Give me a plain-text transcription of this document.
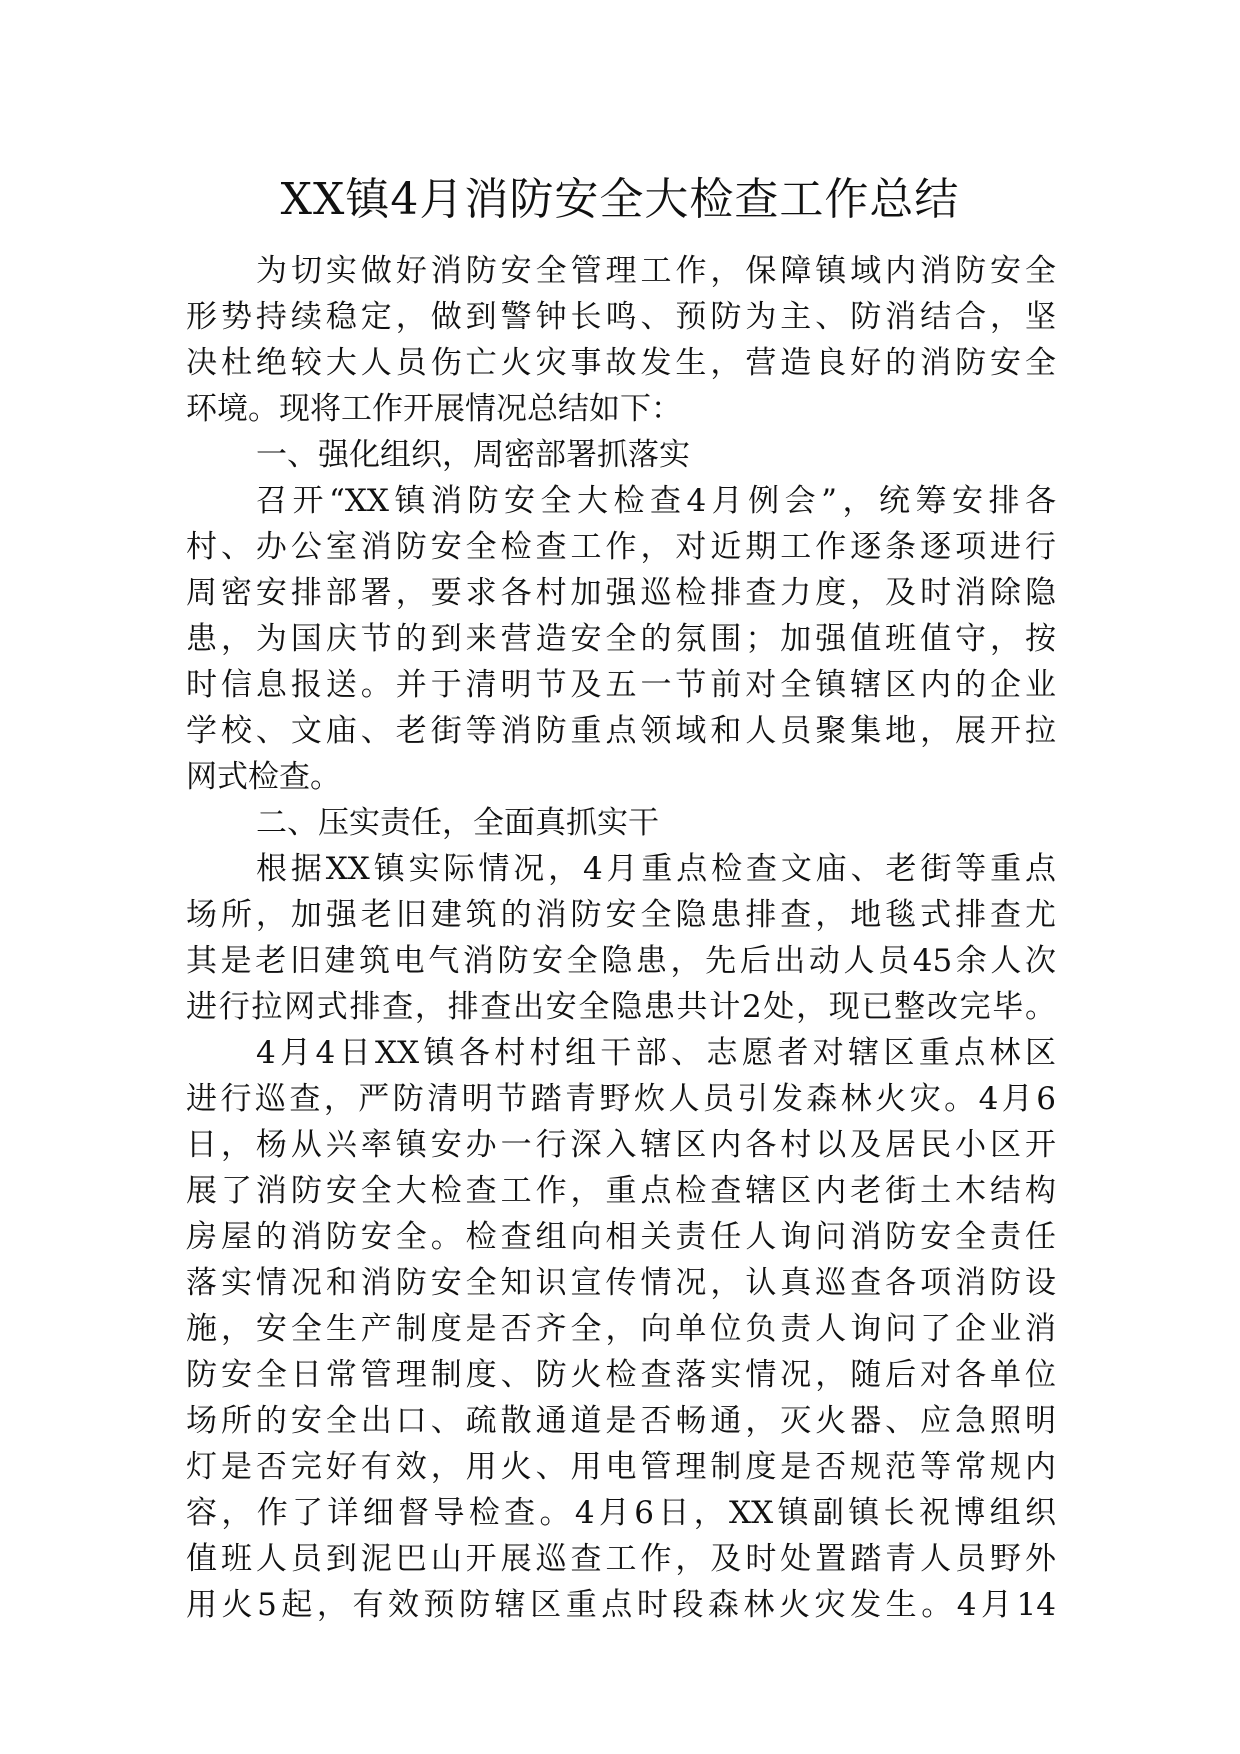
XX镇4月消防安全大检查工作总结
为切实做好消防安全管理工作，保障镇域内消防安全
形势持续稳定，做到警钟长鸣、预防为主、防消结合，坚
决杜绝较大人员伤亡火灾事故发生，营造良好的消防安全
环境。现将工作开展情况总结如下：
一、强化组织，周密部署抓落实
召开“XX镇消防安全大检查4月例会”，统筹安排各
村、办公室消防安全检查工作，对近期工作逐条逐项进行
周密安排部署，要求各村加强巡检排查力度，及时消除隐
患，为国庆节的到来营造安全的氛围；加强值班值守，按
时信息报送。并于清明节及五一节前对全镇辖区内的企业
学校、文庙、老街等消防重点领域和人员聚集地，展开拉
网式检查。
二、压实责任，全面真抓实干
根据XX镇实际情况，4月重点检查文庙、老街等重点
场所，加强老旧建筑的消防安全隐患排查，地毯式排查尤
其是老旧建筑电气消防安全隐患，先后出动人员45余人次
进行拉网式排查，排查出安全隐患共计2处，现已整改完毕。
4月4日XX镇各村村组干部、志愿者对辖区重点林区
进行巡查，严防清明节踏青野炊人员引发森林火灾。4月6
日，杨从兴率镇安办一行深入辖区内各村以及居民小区开
展了消防安全大检查工作，重点检查辖区内老街土木结构
房屋的消防安全。检查组向相关责任人询问消防安全责任
落实情况和消防安全知识宣传情况，认真巡查各项消防设
施，安全生产制度是否齐全，向单位负责人询问了企业消
防安全日常管理制度、防火检查落实情况，随后对各单位
场所的安全出口、疏散通道是否畅通，灭火器、应急照明
灯是否完好有效，用火、用电管理制度是否规范等常规内
容，作了详细督导检查。4月6日，XX镇副镇长祝博组织
值班人员到泥巴山开展巡查工作，及时处置踏青人员野外
用火5起，有效预防辖区重点时段森林火灾发生。4月14
